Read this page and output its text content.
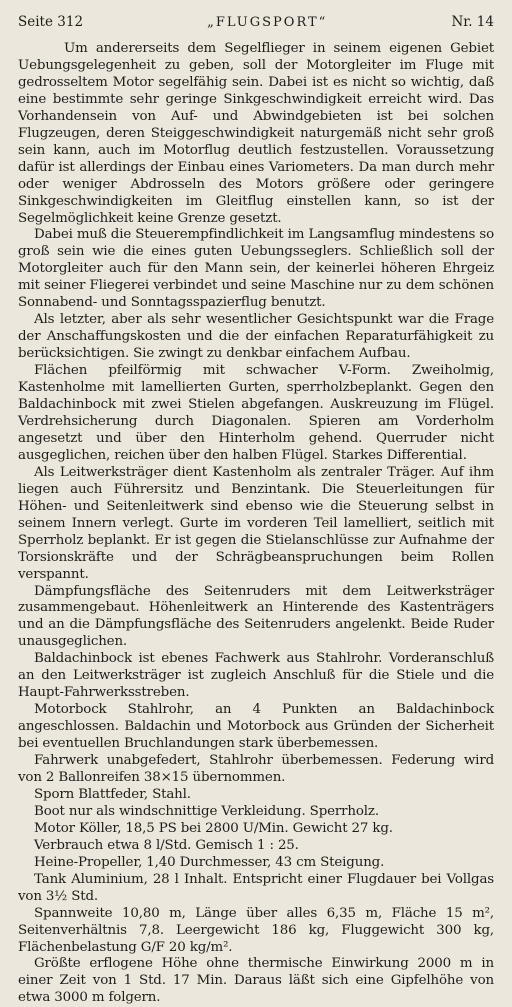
Seite 312	„FLUGSPORT“	Nr. 14

Um andererseits dem Segelflieger in seinem eigenen Gebiet Uebungsgelegenheit zu geben, soll der Motorgleiter im Fluge mit gedrosseltem Motor segelfähig sein. Dabei ist es nicht so wichtig, daß eine bestimmte sehr geringe Sinkgeschwindigkeit erreicht wird. Das Vorhandensein von Auf- und Abwindgebieten ist bei solchen Flugzeugen, deren Steiggeschwindigkeit naturgemäß nicht sehr groß sein kann, auch im Motorflug deutlich festzustellen. Voraussetzung dafür ist allerdings der Einbau eines Variometers. Da man durch mehr oder weniger Abdrosseln des Motors größere oder geringere Sinkgeschwindigkeiten im Gleitflug einstellen kann, so ist der Segelmöglichkeit keine Grenze gesetzt.

Dabei muß die Steuerempfindlichkeit im Langsamflug mindestens so groß sein wie die eines guten Uebungsseglers. Schließlich soll der Motorgleiter auch für den Mann sein, der keinerlei höheren Ehrgeiz mit seiner Fliegerei verbindet und seine Maschine nur zu dem schönen Sonnabend- und Sonntagsspazierflug benutzt.

Als letzter, aber als sehr wesentlicher Gesichtspunkt war die Frage der Anschaffungskosten und die der einfachen Reparaturfähigkeit zu berücksichtigen. Sie zwingt zu denkbar einfachem Aufbau.

Flächen pfeilförmig mit schwacher V-Form. Zweiholmig, Kastenholme mit lamellierten Gurten, sperrholzbeplankt. Gegen den Baldachinbock mit zwei Stielen abgefangen. Auskreuzung im Flügel. Verdrehsicherung durch Diagonalen. Spieren am Vorderholm angesetzt und über den Hinterholm gehend. Querruder nicht ausgeglichen, reichen über den halben Flügel. Starkes Differential.

Als Leitwerksträger dient Kastenholm als zentraler Träger. Auf ihm liegen auch Führersitz und Benzintank. Die Steuerleitungen für Höhen- und Seitenleitwerk sind ebenso wie die Steuerung selbst in seinem Innern verlegt. Gurte im vorderen Teil lamelliert, seitlich mit Sperrholz beplankt. Er ist gegen die Stielanschlüsse zur Aufnahme der Torsionskräfte und der Schrägbeanspruchungen beim Rollen verspannt.

Dämpfungsfläche des Seitenruders mit dem Leitwerksträger zusammengebaut. Höhenleitwerk an Hinterende des Kastenträgers und an die Dämpfungsfläche des Seitenruders angelenkt. Beide Ruder unausgeglichen.

Baldachinbock ist ebenes Fachwerk aus Stahlrohr. Vorderanschluß an den Leitwerksträger ist zugleich Anschluß für die Stiele und die Haupt-Fahrwerksstreben.

Motorbock Stahlrohr, an 4 Punkten an Baldachinbock angeschlossen. Baldachin und Motorbock aus Gründen der Sicherheit bei eventuellen Bruchlandungen stark überbemessen.

Fahrwerk unabgefedert, Stahlrohr überbemessen. Federung wird von 2 Ballonreifen 38×15 übernommen.

Sporn Blattfeder, Stahl.

Boot nur als windschnittige Verkleidung. Sperrholz.

Motor Köller, 18,5 PS bei 2800 U/Min. Gewicht 27 kg.

Verbrauch etwa 8 l/Std. Gemisch 1 : 25.

Heine-Propeller, 1,40 Durchmesser, 43 cm Steigung.

Tank Aluminium, 28 l Inhalt. Entspricht einer Flugdauer bei Vollgas von 3½ Std.

Spannweite 10,80 m, Länge über alles 6,35 m, Fläche 15 m², Seitenverhältnis 7,8. Leergewicht 186 kg, Fluggewicht 300 kg, Flächenbelastung G/F 20 kg/m².

Größte erflogene Höhe ohne thermische Einwirkung 2000 m in einer Zeit von 1 Std. 17 Min. Daraus läßt sich eine Gipfelhöhe von etwa 3000 m folgern.
